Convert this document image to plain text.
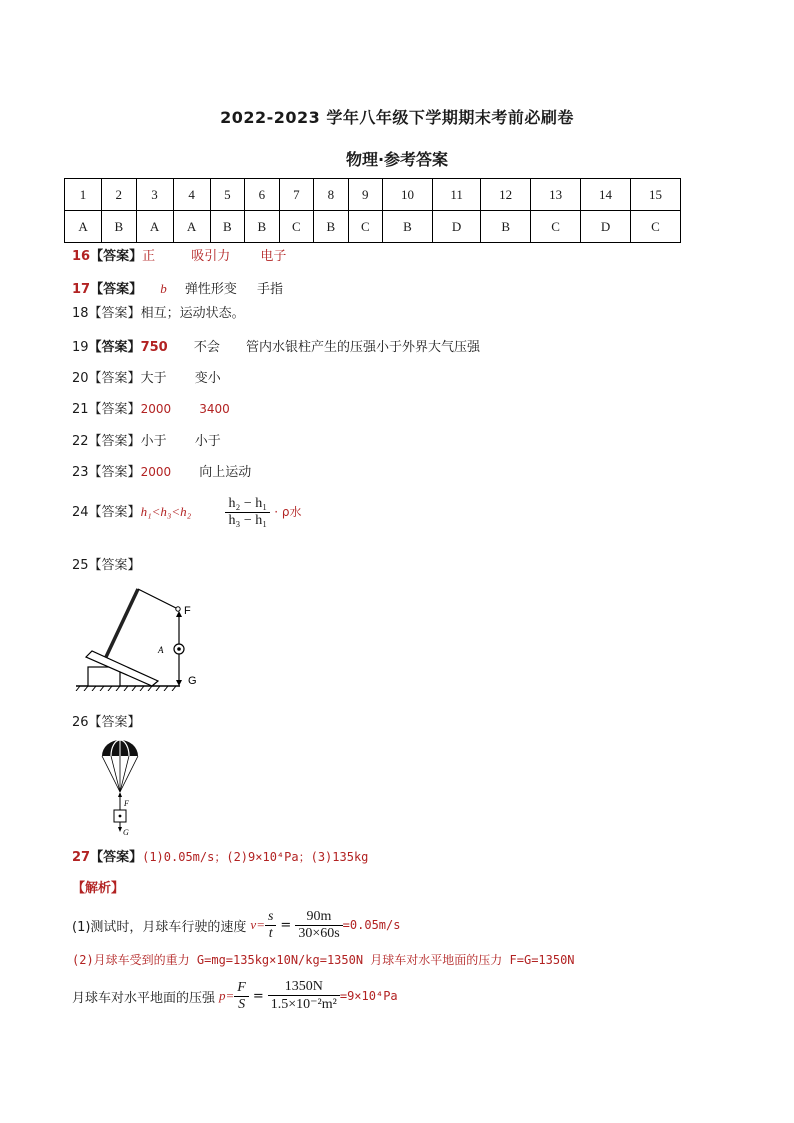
2022-2023 学年八年级下学期期末考前必刷卷
物理·参考答案
1	2	3	4	5	6	7	8	9	10	11	12	13	14	15
A	B	A	A	B	B	C	B	C	B	D	B	C	D	C
16【答案】正	吸引力 电子
17【答案】 b 弹性形变 手指
18【答案】相互；运动状态。
19【答案】750 不会 管内水银柱产生的压强小于外界大气压强
20【答案】大于 变小
21【答案】2000 3400
22【答案】小于 小于
23【答案】2000 向上运动
24【答案】$h_1<h_3<h_2 \frac{\text{h₂ − h₁}}{\text{h₃ − h₁}} \cdot \rho$水
25【答案】
F
A
G
26【答案】
F
G
27【答案】(1)0.05m/s；(2)9×10⁴Pa；(3)135kg
【解析】
(1)测试时，月球车行驶的速度 $v= \frac{s}{t} = \frac{90m}{30\times 60s} =0.05m/s$
(2)月球车受到的重力 G=mg=135kg×10N/kg=1350N 月球车对水平地面的压力 F=G=1350N
月球车对水平地面的压强 $p= \frac{F}{S} = \frac{1350N}{\text{1.5×10⁻²m²}} =9\times 10^4Pa$
